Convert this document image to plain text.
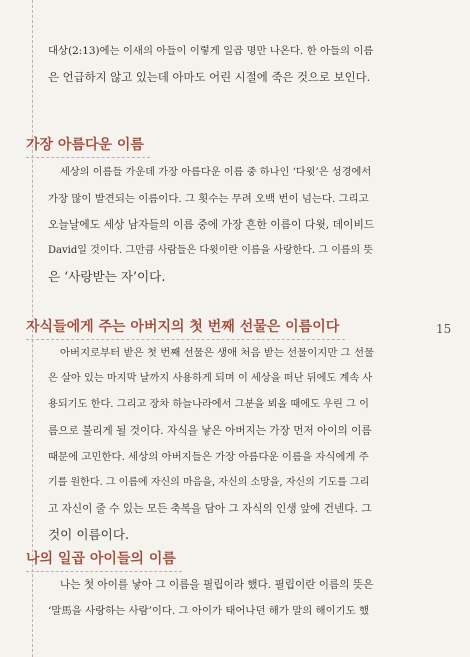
대상(2:13)에는 이새의 아들이 이렇게 일곱 명만 나온다. 한 아들의 이름
은 언급하지 않고 있는데 아마도 어린 시절에 죽은 것으로 보인다.
가장 아름다운 이름
세상의 이름들 가운데 가장 아름다운 이름 중 하나인 ‘다윗’은 성경에서
가장 많이 발견되는 이름이다. 그 횟수는 무려 오백 번이 넘는다. 그리고
오늘날에도 세상 남자들의 이름 중에 가장 흔한 이름이 다윗, 데이비드
David일 것이다. 그만큼 사람들은 다윗이란 이름을 사랑한다. 그 이름의 뜻
은 ‘사랑받는 자’이다.
자식들에게 주는 아버지의 첫 번째 선물은 이름이다
아버지로부터 받은 첫 번째 선물은 생애 처음 받는 선물이지만 그 선물
은 살아 있는 마지막 날까지 사용하게 되며 이 세상을 떠난 뒤에도 계속 사
용되기도 한다. 그리고 장차 하늘나라에서 그분을 뵈올 때에도 우린 그 이
름으로 불리게 될 것이다. 자식을 낳은 아버지는 가장 먼저 아이의 이름
때문에 고민한다. 세상의 아버지들은 가장 아름다운 이름을 자식에게 주
기를 원한다. 그 이름에 자신의 마음을, 자신의 소망을, 자신의 기도를 그리
고 자신이 줄 수 있는 모든 축복을 담아 그 자식의 인생 앞에 건넨다. 그
것이 이름이다.
나의 일곱 아이들의 이름
나는 첫 아이를 낳아 그 이름을 필립이라 했다. 필립이란 이름의 뜻은
‘말馬을 사랑하는 사람’이다. 그 아이가 태어나던 해가 말의 해이기도 했
15
